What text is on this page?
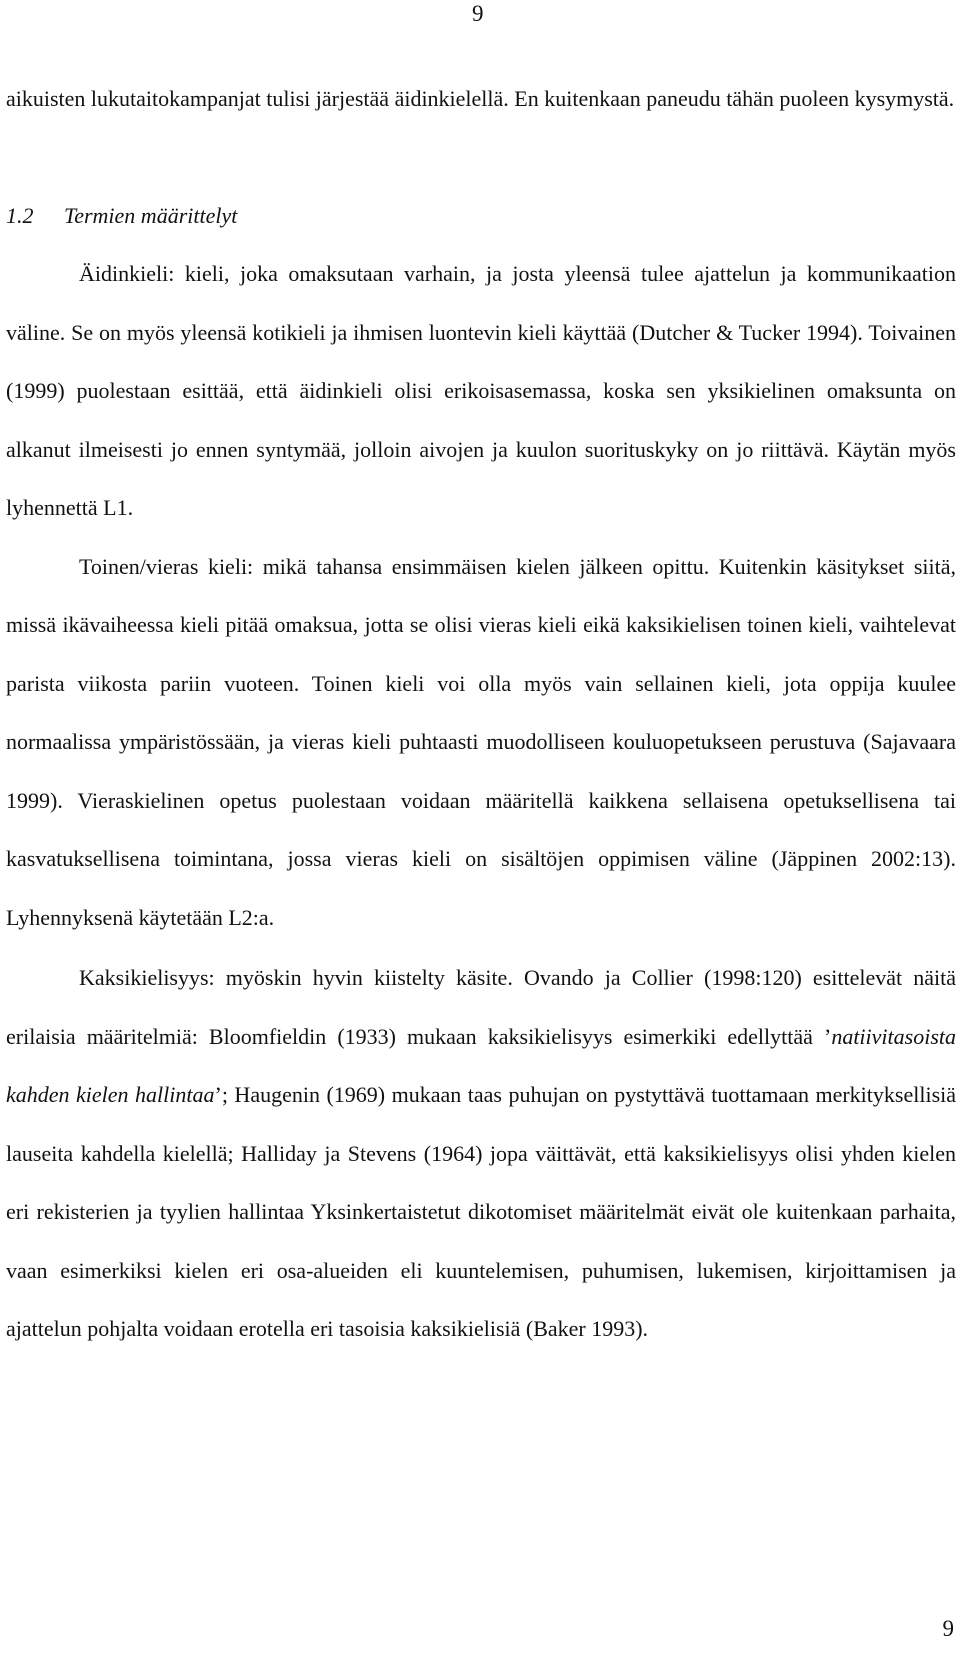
9

aikuisten lukutaitokampanjat tulisi järjestää äidinkielellä. En kuitenkaan paneudu tähän puoleen kysymystä.

1.2 Termien määrittelyt

Äidinkieli: kieli, joka omaksutaan varhain, ja josta yleensä tulee ajattelun ja kommunikaation väline. Se on myös yleensä kotikieli ja ihmisen luontevin kieli käyttää (Dutcher & Tucker 1994). Toivainen (1999) puolestaan esittää, että äidinkieli olisi erikoisasemassa, koska sen yksikielinen omaksunta on alkanut ilmeisesti jo ennen syntymää, jolloin aivojen ja kuulon suorituskyky on jo riittävä. Käytän myös lyhennettä L1.

Toinen/vieras kieli: mikä tahansa ensimmäisen kielen jälkeen opittu. Kuitenkin käsitykset siitä, missä ikävaiheessa kieli pitää omaksua, jotta se olisi vieras kieli eikä kaksikielisen toinen kieli, vaihtelevat parista viikosta pariin vuoteen. Toinen kieli voi olla myös vain sellainen kieli, jota oppija kuulee normaalissa ympäristössään, ja vieras kieli puhtaasti muodolliseen kouluopetukseen perustuva (Sajavaara 1999). Vieraskielinen opetus puolestaan voidaan määritellä kaikkena sellaisena opetuksellisena tai kasvatuksellisena toimintana, jossa vieras kieli on sisältöjen oppimisen väline (Jäppinen 2002:13). Lyhennyksenä käytetään L2:a.

Kaksikielisyys: myöskin hyvin kiistelty käsite. Ovando ja Collier (1998:120) esittelevät näitä erilaisia määritelmiä: Bloomfieldin (1933) mukaan kaksikielisyys esimerkiki edellyttää ’natiivitasoista kahden kielen hallintaa’; Haugenin (1969) mukaan taas puhujan on pystyttävä tuottamaan merkityksellisiä lauseita kahdella kielellä; Halliday ja Stevens (1964) jopa väittävät, että kaksikielisyys olisi yhden kielen eri rekisterien ja tyylien hallintaa Yksinkertaistetut dikotomiset määritelmät eivät ole kuitenkaan parhaita, vaan esimerkiksi kielen eri osa-alueiden eli kuuntelemisen, puhumisen, lukemisen, kirjoittamisen ja ajattelun pohjalta voidaan erotella eri tasoisia kaksikielisiä (Baker 1993).

9
